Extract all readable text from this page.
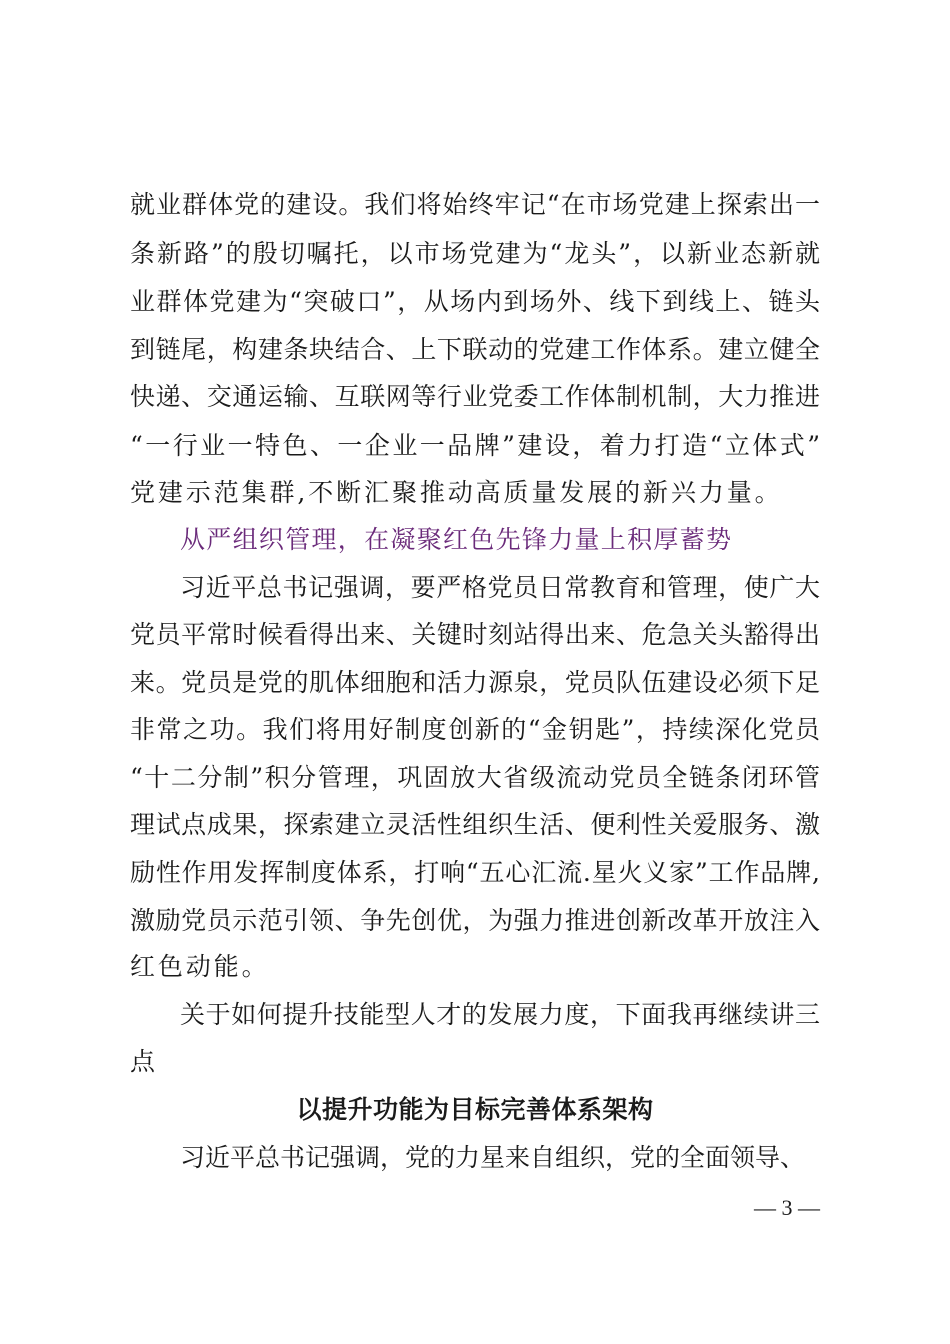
就业群体党的建设。我们将始终牢记“在市场党建上探索出一
条新路”的殷切嘱托，以市场党建为“龙头”，以新业态新就
业群体党建为“突破口”，从场内到场外、线下到线上、链头
到链尾，构建条块结合、上下联动的党建工作体系。建立健全
快递、交通运输、互联网等行业党委工作体制机制，大力推进
“一行业一特色、一企业一品牌”建设，着力打造“立体式”
党建示范集群,不断汇聚推动高质量发展的新兴力量。
从严组织管理，在凝聚红色先锋力量上积厚蓄势
习近平总书记强调，要严格党员日常教育和管理，使广大
党员平常时候看得出来、关键时刻站得出来、危急关头豁得出
来。党员是党的肌体细胞和活力源泉，党员队伍建设必须下足
非常之功。我们将用好制度创新的“金钥匙”，持续深化党员
“十二分制”积分管理，巩固放大省级流动党员全链条闭环管
理试点成果，探索建立灵活性组织生活、便利性关爱服务、激
励性作用发挥制度体系，打响“五心汇流.星火义家”工作品牌,
激励党员示范引领、争先创优，为强力推进创新改革开放注入
红色动能。
关于如何提升技能型人才的发展力度，下面我再继续讲三
点
以提升功能为目标完善体系架构
习近平总书记强调，党的力星来自组织，党的全面领导、
— 3 —
